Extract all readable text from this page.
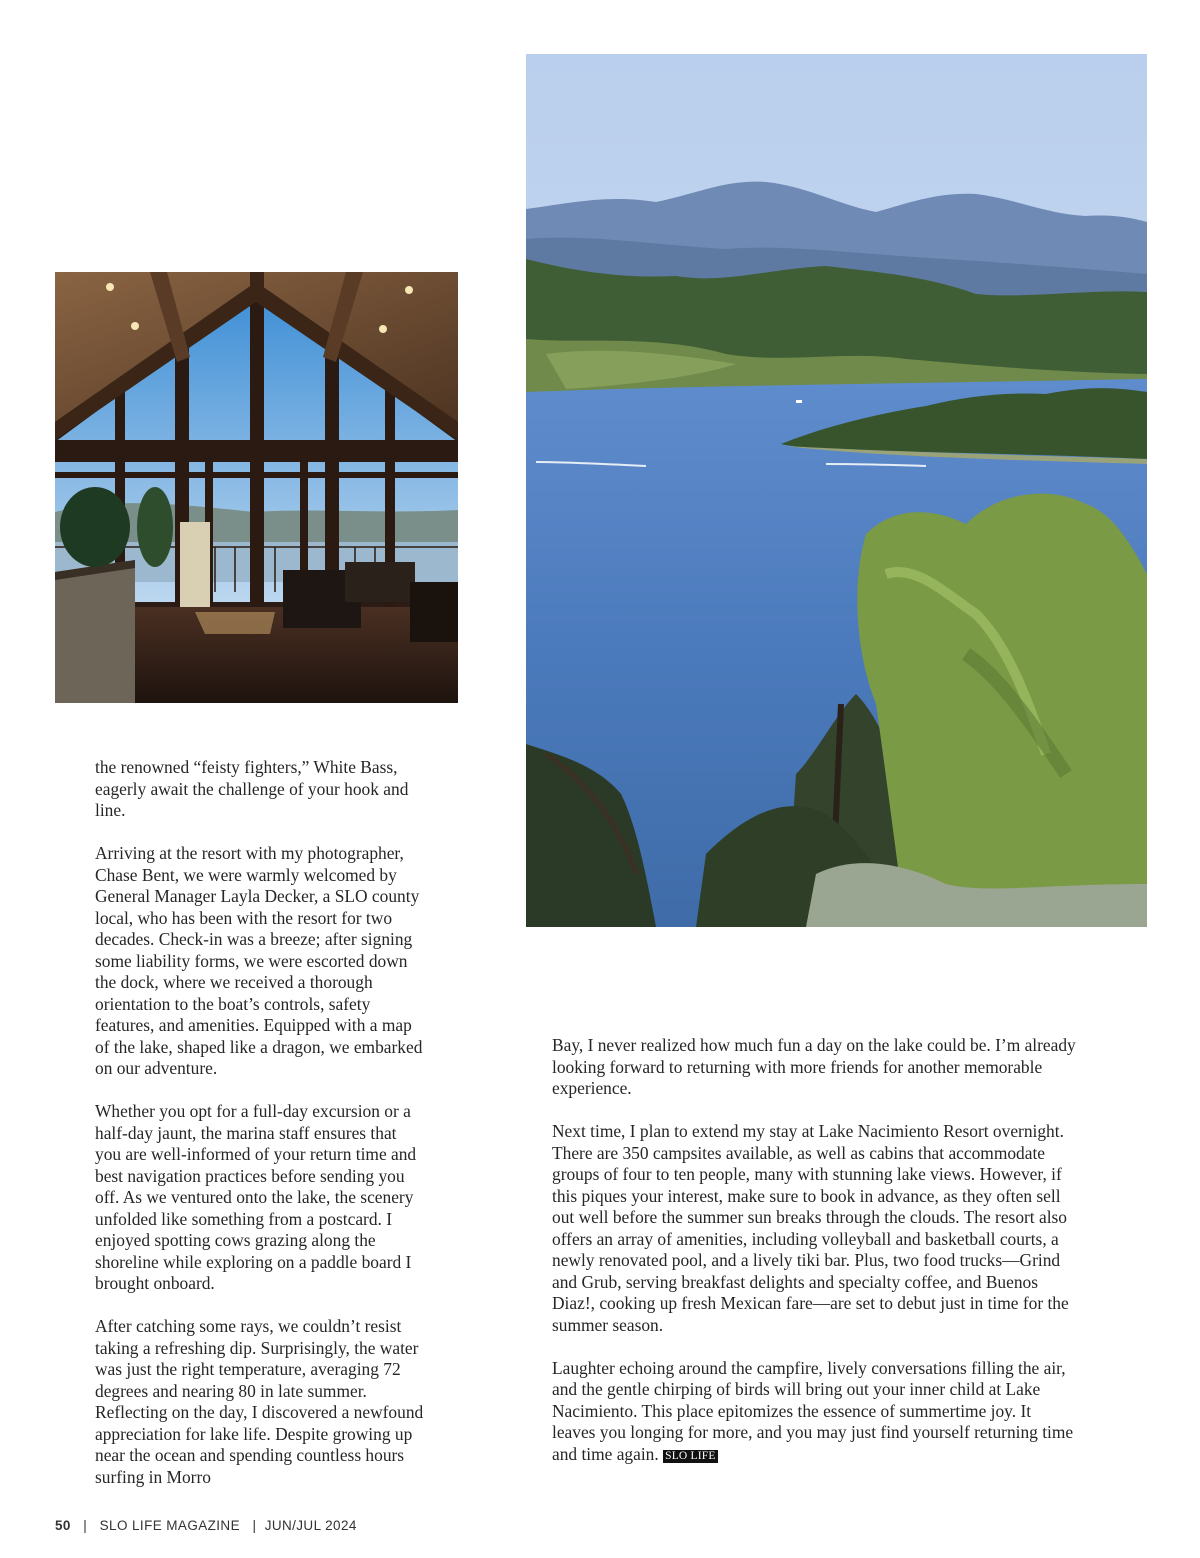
the renowned “feisty fighters,” White Bass, eagerly await the challenge of your hook and line.

Arriving at the resort with my photographer, Chase Bent, we were warmly welcomed by General Manager Layla Decker, a SLO county local, who has been with the resort for two decades. Check-in was a breeze; after signing some liability forms, we were escorted down the dock, where we received a thorough orientation to the boat’s controls, safety features, and amenities. Equipped with a map of the lake, shaped like a dragon, we embarked on our adventure.

Whether you opt for a full-day excursion or a half-day jaunt, the marina staff ensures that you are well-informed of your return time and best navigation practices before sending you off. As we ventured onto the lake, the scenery unfolded like something from a postcard. I enjoyed spotting cows grazing along the shoreline while exploring on a paddle board I brought onboard.

After catching some rays, we couldn’t resist taking a refreshing dip. Surprisingly, the water was just the right temperature, averaging 72 degrees and nearing 80 in late summer. Reflecting on the day, I discovered a newfound appreciation for lake life. Despite growing up near the ocean and spending countless hours surfing in Morro

Bay, I never realized how much fun a day on the lake could be. I’m already looking forward to returning with more friends for another memorable experience.

Next time, I plan to extend my stay at Lake Nacimiento Resort overnight. There are 350 campsites available, as well as cabins that accommodate groups of four to ten people, many with stunning lake views. However, if this piques your interest, make sure to book in advance, as they often sell out well before the summer sun breaks through the clouds. The resort also offers an array of amenities, including volleyball and basketball courts, a newly renovated pool, and a lively tiki bar. Plus, two food trucks—Grind and Grub, serving breakfast delights and specialty coffee, and Buenos Diaz!, cooking up fresh Mexican fare—are set to debut just in time for the summer season.

Laughter echoing around the campfire, lively conversations filling the air, and the gentle chirping of birds will bring out your inner child at Lake Nacimiento. This place epitomizes the essence of summertime joy. It leaves you longing for more, and you may just find yourself returning time and time again. SLO LIFE

50 | SLO LIFE MAGAZINE | JUN/JUL 2024
